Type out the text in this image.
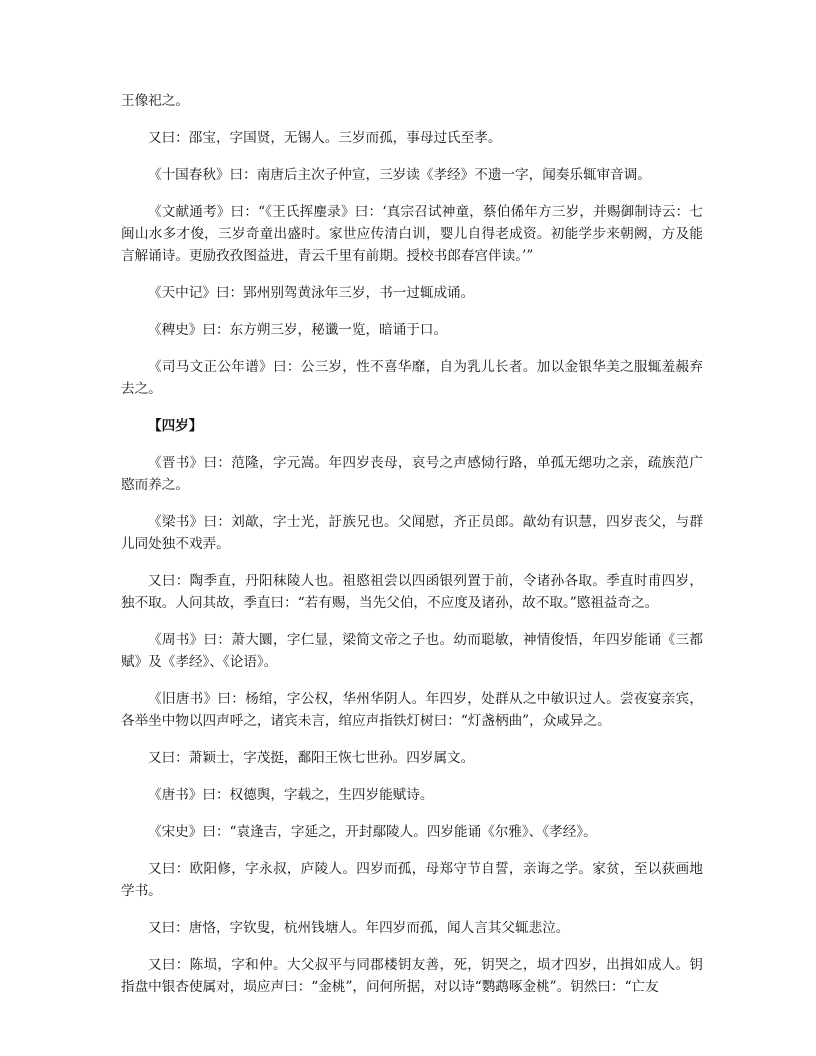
王像祀之。

又曰：邵宝，字国贤，无锡人。三岁而孤，事母过氏至孝。

《十国春秋》曰：南唐后主次子仲宣，三岁读《孝经》不遗一字，闻奏乐辄审音调。

《文献通考》曰：“《王氏挥麈录》曰：‘真宗召试神童，蔡伯俙年方三岁，并赐御制诗云：七闽山水多才俊，三岁奇童出盛时。家世应传清白训，婴儿自得老成资。初能学步来朝阙，方及能言解诵诗。更励孜孜图益进，青云千里有前期。授校书郎春宫伴读。’”

《天中记》曰：郢州别驾黄泳年三岁，书一过辄成诵。

《稗史》曰：东方朔三岁，秘谶一览，暗诵于口。

《司马文正公年谱》曰：公三岁，性不喜华靡，自为乳儿长者。加以金银华美之服辄羞赧弃去之。

【四岁】

《晋书》曰：范隆，字元嵩。年四岁丧母，哀号之声感恸行路，单孤无缌功之亲，疏族范广愍而养之。

《梁书》曰：刘歊，字士光，訏族兄也。父闻慰，齐正员郎。歊幼有识慧，四岁丧父，与群儿同处独不戏弄。

又曰：陶季直，丹阳秣陵人也。祖愍祖尝以四函银列置于前，令诸孙各取。季直时甫四岁，独不取。人问其故，季直曰：“若有赐，当先父伯，不应度及诸孙，故不取。”愍祖益奇之。

《周书》曰：萧大圜，字仁显，梁简文帝之子也。幼而聪敏，神情俊悟，年四岁能诵《三都赋》及《孝经》、《论语》。

《旧唐书》曰：杨绾，字公权，华州华阴人。年四岁，处群从之中敏识过人。尝夜宴亲宾，各举坐中物以四声呼之，诸宾未言，绾应声指铁灯树曰：“灯盏柄曲”，众咸异之。

又曰：萧颖士，字茂挺，鄱阳王恢七世孙。四岁属文。

《唐书》曰：权德舆，字载之，生四岁能赋诗。

《宋史》曰：“袁逢吉，字延之，开封鄢陵人。四岁能诵《尔雅》、《孝经》。

又曰：欧阳修，字永叔，庐陵人。四岁而孤，母郑守节自誓，亲诲之学。家贫，至以荻画地学书。

又曰：唐恪，字钦叟，杭州钱塘人。年四岁而孤，闻人言其父辄悲泣。

又曰：陈埙，字和仲。大父叔平与同郡楼钥友善，死，钥哭之，埙才四岁，出揖如成人。钥指盘中银杏使属对，埙应声曰：“金桃”，问何所据，对以诗“鹦鹉啄金桃”。钥然曰：“亡友
